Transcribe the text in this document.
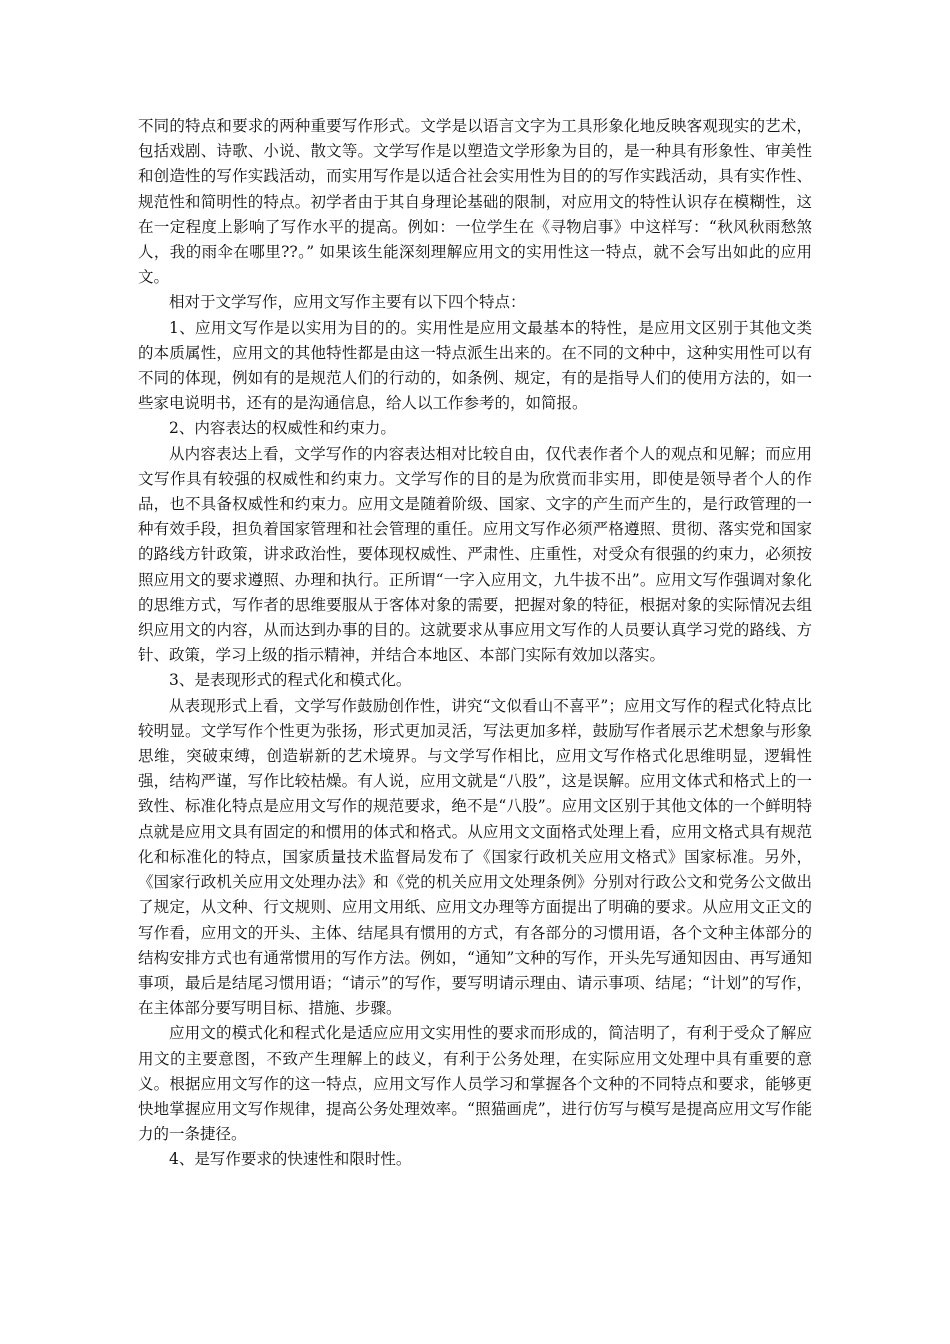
不同的特点和要求的两种重要写作形式。文学是以语言文字为工具形象化地反映客观现实的艺术，包括戏剧、诗歌、小说、散文等。文学写作是以塑造文学形象为目的，是一种具有形象性、审美性和创造性的写作实践活动，而实用写作是以适合社会实用性为目的的写作实践活动，具有实作性、规范性和简明性的特点。初学者由于其自身理论基础的限制，对应用文的特性认识存在模糊性，这在一定程度上影响了写作水平的提高。例如：一位学生在《寻物启事》中这样写：“秋风秋雨愁煞人，我的雨伞在哪里??。” 如果该生能深刻理解应用文的实用性这一特点，就不会写出如此的应用文。

相对于文学写作，应用文写作主要有以下四个特点：

1、应用文写作是以实用为目的的。实用性是应用文最基本的特性，是应用文区别于其他文类的本质属性，应用文的其他特性都是由这一特点派生出来的。在不同的文种中，这种实用性可以有不同的体现，例如有的是规范人们的行动的，如条例、规定，有的是指导人们的使用方法的，如一些家电说明书，还有的是沟通信息，给人以工作参考的，如简报。

2、内容表达的权威性和约束力。

从内容表达上看，文学写作的内容表达相对比较自由，仅代表作者个人的观点和见解；而应用文写作具有较强的权威性和约束力。文学写作的目的是为欣赏而非实用，即使是领导者个人的作品，也不具备权威性和约束力。应用文是随着阶级、国家、文字的产生而产生的，是行政管理的一种有效手段，担负着国家管理和社会管理的重任。应用文写作必须严格遵照、贯彻、落实党和国家的路线方针政策，讲求政治性，要体现权威性、严肃性、庄重性，对受众有很强的约束力，必须按照应用文的要求遵照、办理和执行。正所谓“一字入应用文，九牛拔不出”。应用文写作强调对象化的思维方式，写作者的思维要服从于客体对象的需要，把握对象的特征，根据对象的实际情况去组织应用文的内容，从而达到办事的目的。这就要求从事应用文写作的人员要认真学习党的路线、方针、政策，学习上级的指示精神，并结合本地区、本部门实际有效加以落实。

3、是表现形式的程式化和模式化。

从表现形式上看，文学写作鼓励创作性，讲究“文似看山不喜平”；应用文写作的程式化特点比较明显。文学写作个性更为张扬，形式更加灵活，写法更加多样，鼓励写作者展示艺术想象与形象思维，突破束缚，创造崭新的艺术境界。与文学写作相比，应用文写作格式化思维明显，逻辑性强，结构严谨，写作比较枯燥。有人说，应用文就是“八股”，这是误解。应用文体式和格式上的一致性、标准化特点是应用文写作的规范要求，绝不是“八股”。应用文区别于其他文体的一个鲜明特点就是应用文具有固定的和惯用的体式和格式。从应用文文面格式处理上看，应用文格式具有规范化和标准化的特点，国家质量技术监督局发布了《国家行政机关应用文格式》国家标准。另外，《国家行政机关应用文处理办法》和《党的机关应用文处理条例》分别对行政公文和党务公文做出了规定，从文种、行文规则、应用文用纸、应用文办理等方面提出了明确的要求。从应用文正文的写作看，应用文的开头、主体、结尾具有惯用的方式，有各部分的习惯用语，各个文种主体部分的结构安排方式也有通常惯用的写作方法。例如，“通知”文种的写作，开头先写通知因由、再写通知事项，最后是结尾习惯用语；“请示”的写作，要写明请示理由、请示事项、结尾；“计划”的写作，在主体部分要写明目标、措施、步骤。

应用文的模式化和程式化是适应应用文实用性的要求而形成的，简洁明了，有利于受众了解应用文的主要意图，不致产生理解上的歧义，有利于公务处理，在实际应用文处理中具有重要的意义。根据应用文写作的这一特点，应用文写作人员学习和掌握各个文种的不同特点和要求，能够更快地掌握应用文写作规律，提高公务处理效率。“照猫画虎”，进行仿写与模写是提高应用文写作能力的一条捷径。

4、是写作要求的快速性和限时性。
